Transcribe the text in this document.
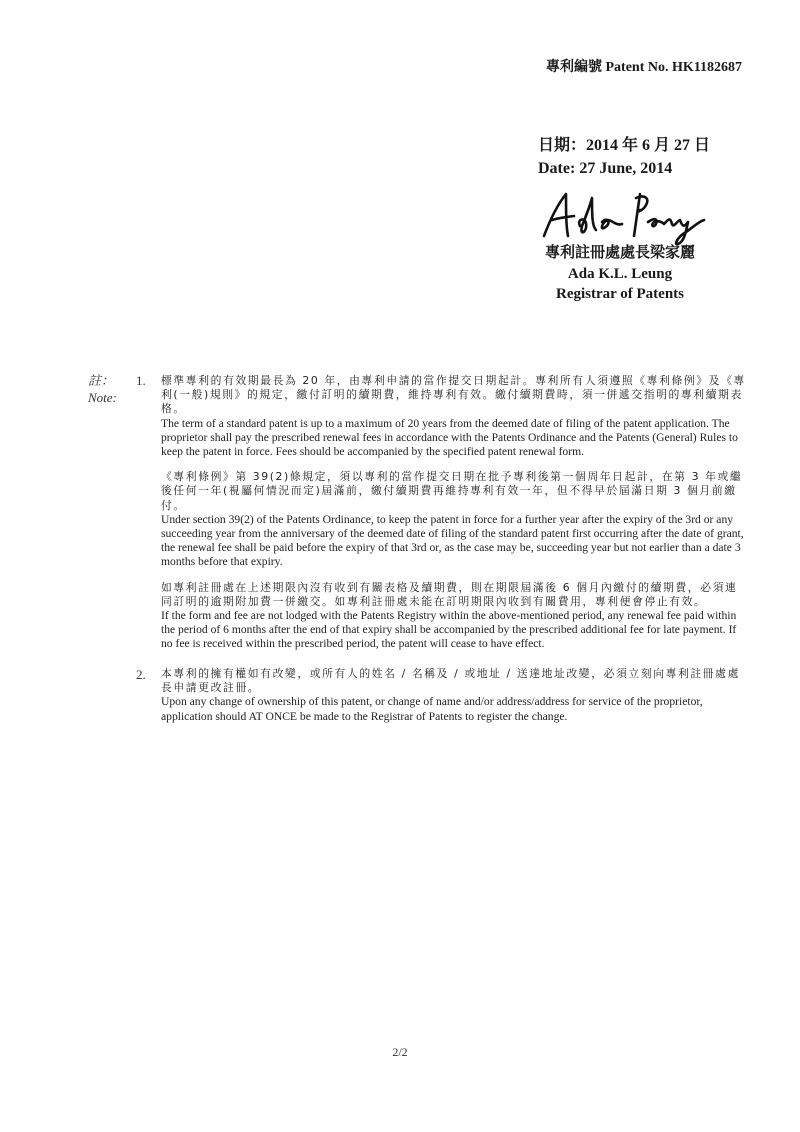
專利編號 Patent No. HK1182687
日期：2014 年 6 月 27 日
Date: 27 June, 2014
專利註冊處處長梁家麗
Ada K.L. Leung
Registrar of Patents
註：
Note:
1. 標準專利的有效期最長為 20 年，由專利申請的當作提交日期起計。專利所有人須遵照《專利條例》及《專利(一般)規則》的規定，繳付訂明的續期費，維持專利有效。繳付續期費時，須一併遞交指明的專利續期表格。

The term of a standard patent is up to a maximum of 20 years from the deemed date of filing of the patent application. The proprietor shall pay the prescribed renewal fees in accordance with the Patents Ordinance and the Patents (General) Rules to keep the patent in force. Fees should be accompanied by the specified patent renewal form.

《專利條例》第 39(2)條規定，須以專利的當作提交日期在批予專利後第一個周年日起計，在第 3 年或繼後任何一年(視屬何情況而定)屆滿前，繳付續期費再維持專利有效一年，但不得早於屆滿日期 3 個月前繳付。

Under section 39(2) of the Patents Ordinance, to keep the patent in force for a further year after the expiry of the 3rd or any succeeding year from the anniversary of the deemed date of filing of the standard patent first occurring after the date of grant, the renewal fee shall be paid before the expiry of that 3rd or, as the case may be, succeeding year but not earlier than a date 3 months before that expiry.

如專利註冊處在上述期限內沒有收到有關表格及續期費，則在期限屆滿後 6 個月內繳付的續期費，必須連同訂明的逾期附加費一併繳交。如專利註冊處未能在訂明期限內收到有關費用，專利便會停止有效。

If the form and fee are not lodged with the Patents Registry within the above-mentioned period, any renewal fee paid within the period of 6 months after the end of that expiry shall be accompanied by the prescribed additional fee for late payment. If no fee is received within the prescribed period, the patent will cease to have effect.

2. 本專利的擁有權如有改變，或所有人的姓名 / 名稱及 / 或地址 / 送達地址改變，必須立刻向專利註冊處處長申請更改註冊。

Upon any change of ownership of this patent, or change of name and/or address/address for service of the proprietor, application should AT ONCE be made to the Registrar of Patents to register the change.

2/2
